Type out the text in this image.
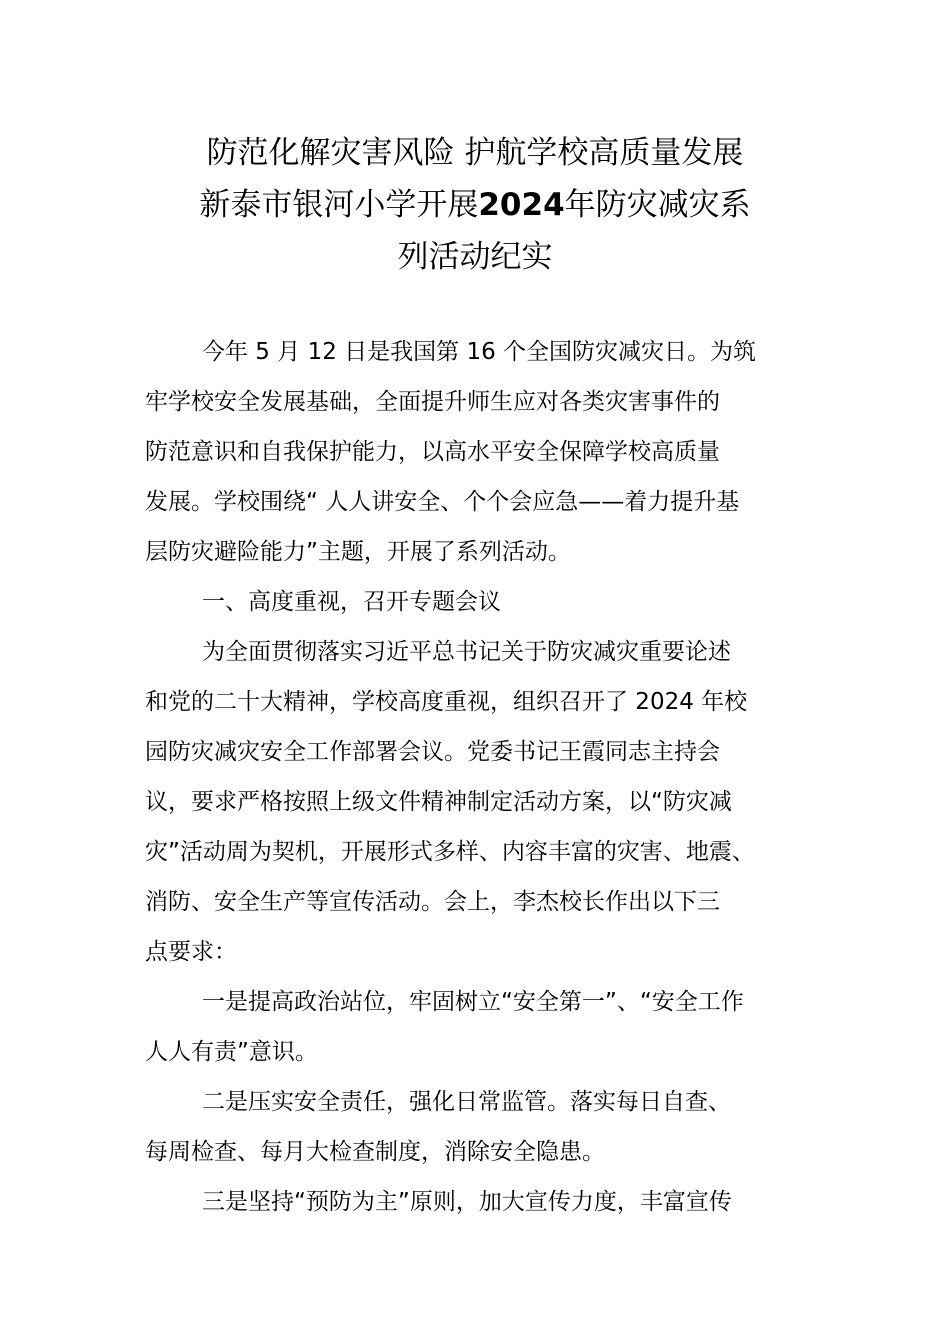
防范化解灾害风险 护航学校高质量发展
新泰市银河小学开展2024年防灾减灾系
列活动纪实
今年 5 月 12 日是我国第 16 个全国防灾减灾日。为筑
牢学校安全发展基础，全面提升师生应对各类灾害事件的
防范意识和自我保护能力，以高水平安全保障学校高质量
发展。学校围绕“ 人人讲安全、个个会应急——着力提升基
层防灾避险能力”主题，开展了系列活动。
一、高度重视，召开专题会议
为全面贯彻落实习近平总书记关于防灾减灾重要论述
和党的二十大精神，学校高度重视，组织召开了 2024 年校
园防灾减灾安全工作部署会议。党委书记王霞同志主持会
议，要求严格按照上级文件精神制定活动方案，以“防灾减
灾”活动周为契机，开展形式多样、内容丰富的灾害、地震、
消防、安全生产等宣传活动。会上，李杰校长作出以下三
点要求：
一是提高政治站位，牢固树立“安全第一”、“安全工作
人人有责”意识。
二是压实安全责任，强化日常监管。落实每日自查、
每周检查、每月大检查制度，消除安全隐患。
三是坚持“预防为主”原则，加大宣传力度，丰富宣传
